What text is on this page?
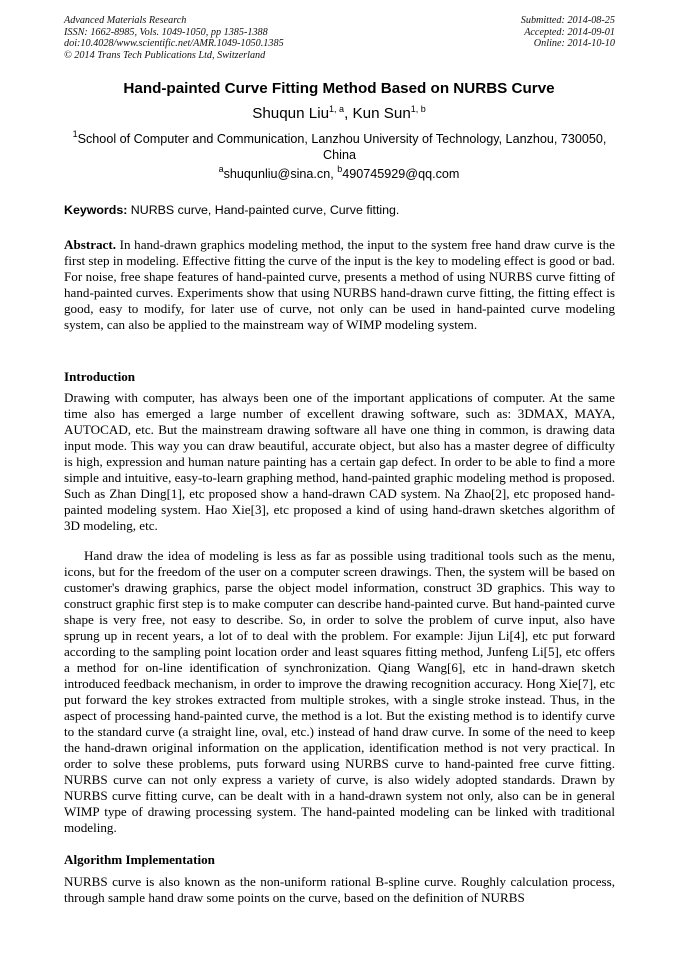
Advanced Materials Research
ISSN: 1662-8985, Vols. 1049-1050, pp 1385-1388
doi:10.4028/www.scientific.net/AMR.1049-1050.1385
© 2014 Trans Tech Publications Ltd, Switzerland
Submitted: 2014-08-25
Accepted: 2014-09-01
Online: 2014-10-10
Hand-painted Curve Fitting Method Based on NURBS Curve
Shuqun Liu$^{1, a}$, Kun Sun$^{1, b}$
$^1$School of Computer and Communication, Lanzhou University of Technology, Lanzhou, 730050, China
$^a$shuqunliu@sina.cn, $^b$490745929@qq.com
Keywords: NURBS curve, Hand-painted curve, Curve fitting.
Abstract. In hand-drawn graphics modeling method, the input to the system free hand draw curve is the first step in modeling. Effective fitting the curve of the input is the key to modeling effect is good or bad. For noise, free shape features of hand-painted curve, presents a method of using NURBS curve fitting of hand-painted curves. Experiments show that using NURBS hand-drawn curve fitting, the fitting effect is good, easy to modify, for later use of curve, not only can be used in hand-painted curve modeling system, can also be applied to the mainstream way of WIMP modeling system.
Introduction
Drawing with computer, has always been one of the important applications of computer. At the same time also has emerged a large number of excellent drawing software, such as: 3DMAX, MAYA, AUTOCAD, etc. But the mainstream drawing software all have one thing in common, is drawing data input mode. This way you can draw beautiful, accurate object, but also has a master degree of difficulty is high, expression and human nature painting has a certain gap defect. In order to be able to find a more simple and intuitive, easy-to-learn graphing method, hand-painted graphic modeling method is proposed. Such as Zhan Ding[1], etc proposed show a hand-drawn CAD system. Na Zhao[2], etc proposed hand-painted modeling system. Hao Xie[3], etc proposed a kind of using hand-drawn sketches algorithm of 3D modeling, etc.
Hand draw the idea of modeling is less as far as possible using traditional tools such as the menu, icons, but for the freedom of the user on a computer screen drawings. Then, the system will be based on customer's drawing graphics, parse the object model information, construct 3D graphics. This way to construct graphic first step is to make computer can describe hand-painted curve. But hand-painted curve shape is very free, not easy to describe. So, in order to solve the problem of curve input, also have sprung up in recent years, a lot of to deal with the problem. For example: Jijun Li[4], etc put forward according to the sampling point location order and least squares fitting method, Junfeng Li[5], etc offers a method for on-line identification of synchronization. Qiang Wang[6], etc in hand-drawn sketch introduced feedback mechanism, in order to improve the drawing recognition accuracy. Hong Xie[7], etc put forward the key strokes extracted from multiple strokes, with a single stroke instead. Thus, in the aspect of processing hand-painted curve, the method is a lot. But the existing method is to identify curve to the standard curve (a straight line, oval, etc.) instead of hand draw curve. In some of the need to keep the hand-drawn original information on the application, identification method is not very practical. In order to solve these problems, puts forward using NURBS curve to hand-painted free curve fitting. NURBS curve can not only express a variety of curve, is also widely adopted standards. Drawn by NURBS curve fitting curve, can be dealt with in a hand-drawn system not only, also can be in general WIMP type of drawing processing system. The hand-painted modeling can be linked with traditional modeling.
Algorithm Implementation
NURBS curve is also known as the non-uniform rational B-spline curve. Roughly calculation process, through sample hand draw some points on the curve, based on the definition of NURBS
